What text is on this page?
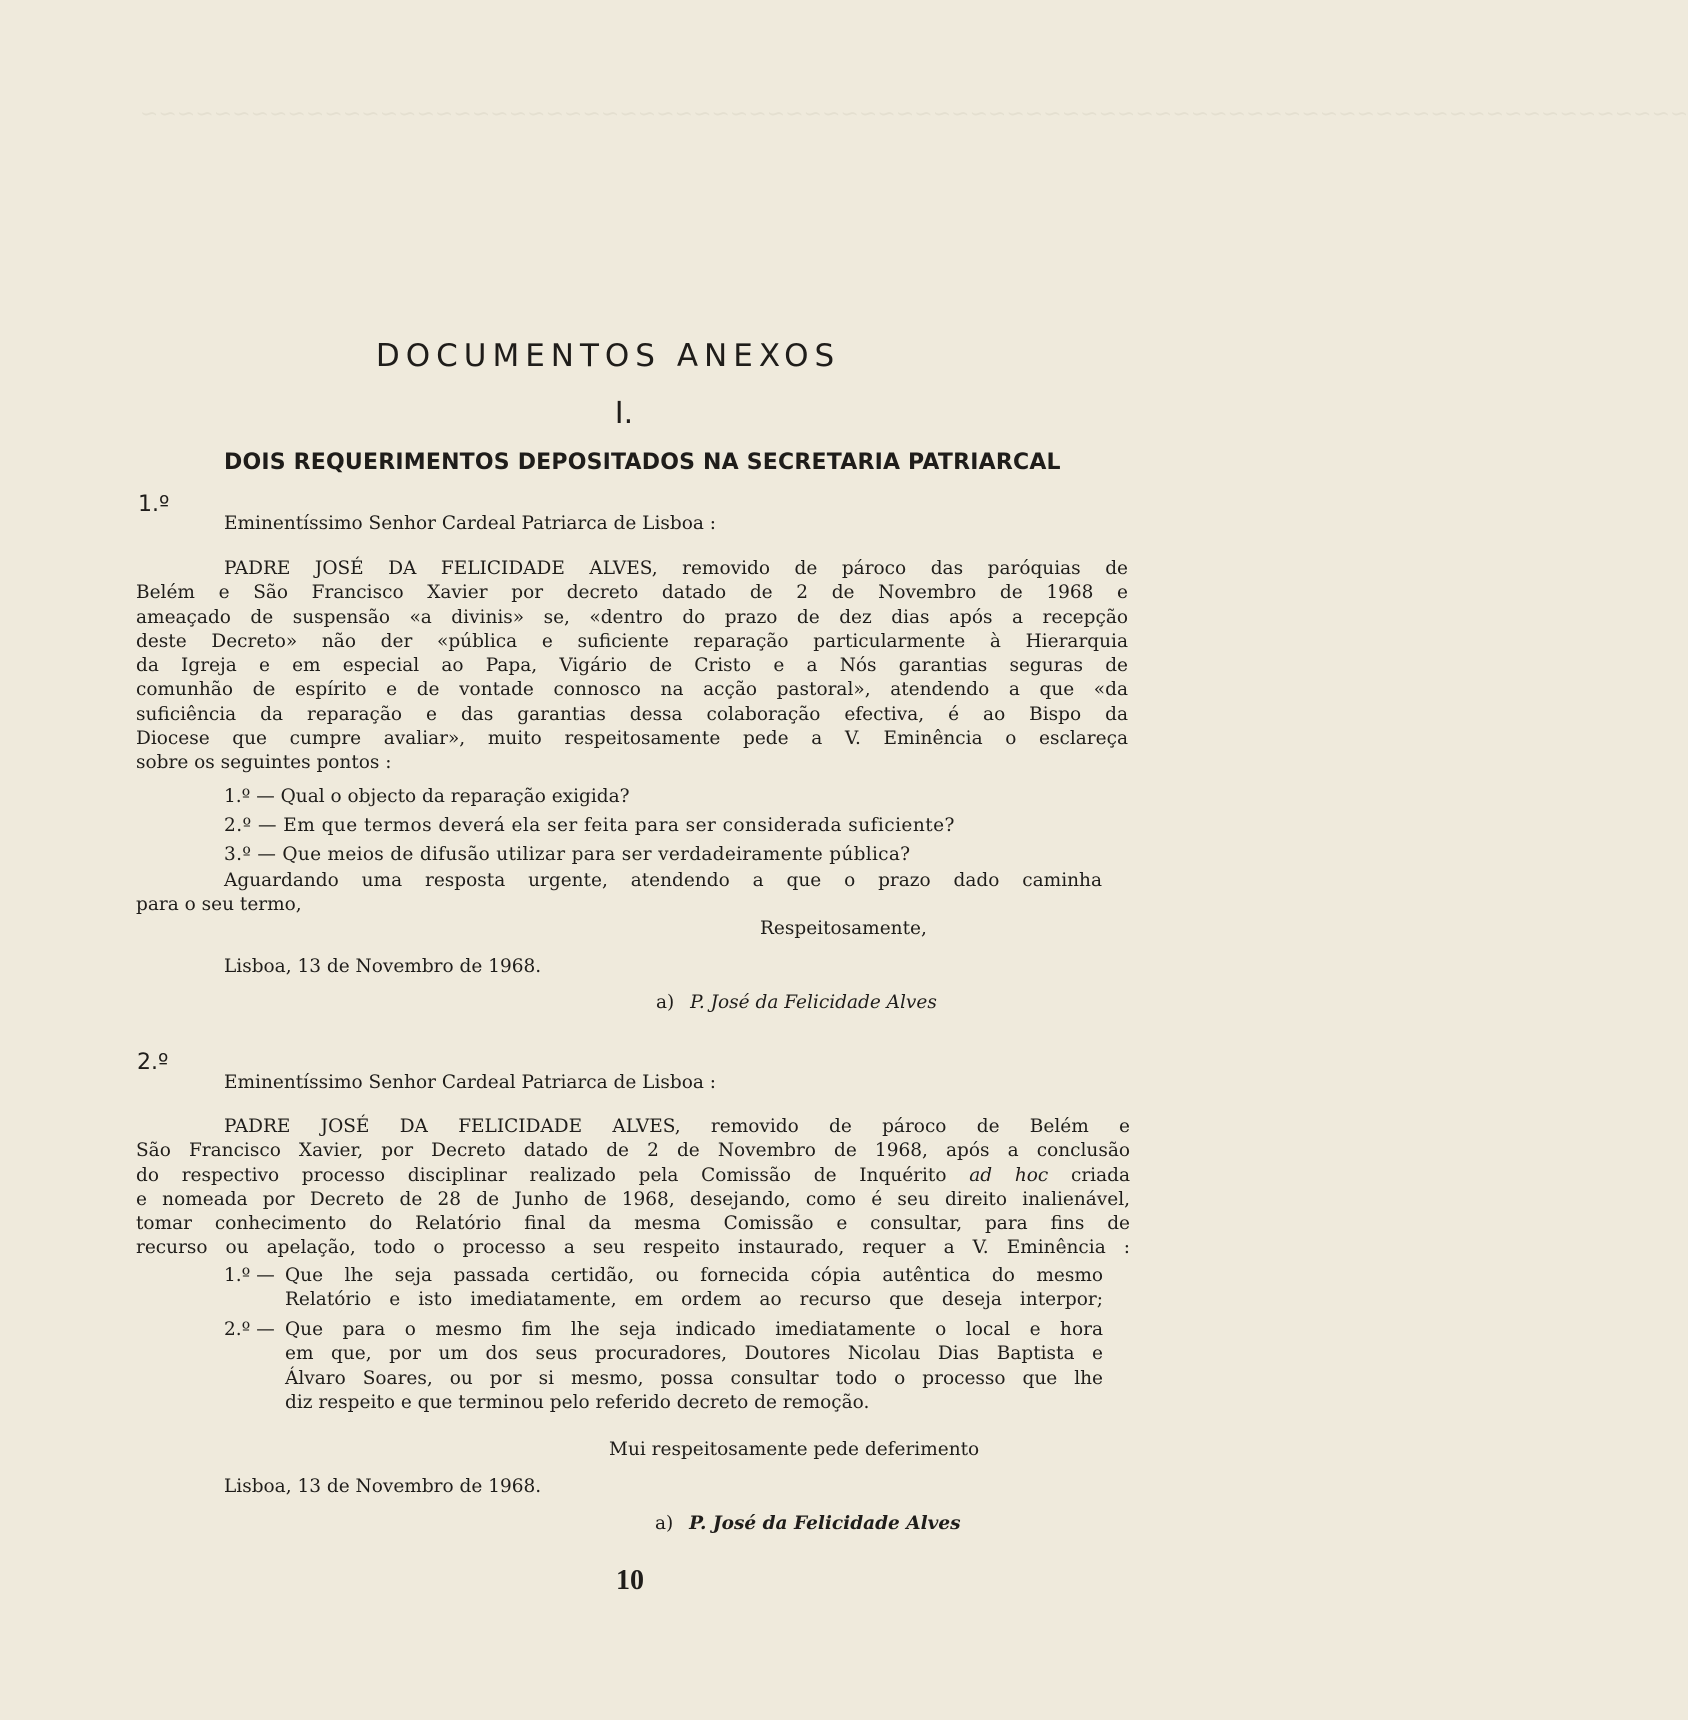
~~~~~~~~~~~~~~~~~~~~~~~~~~~~~~~~~~~~~~~~~~~~~~~~~~~~~~~~~~~~~~~~~~~~~~~~~~~~~~~~~~~~
DOCUMENTOS ANEXOS
I.
DOIS REQUERIMENTOS DEPOSITADOS NA SECRETARIA PATRIARCAL
1.º
Eminentíssimo Senhor Cardeal Patriarca de Lisboa :
PADRE JOSÉ DA FELICIDADE ALVES, removido de pároco das paróquias de
Belém e São Francisco Xavier por decreto datado de 2 de Novembro de 1968 e
ameaçado de suspensão «a divinis» se, «dentro do prazo de dez dias após a recepção
deste Decreto» não der «pública e suficiente reparação particularmente à Hierarquia
da Igreja e em especial ao Papa, Vigário de Cristo e a Nós garantias seguras de
comunhão de espírito e de vontade connosco na acção pastoral», atendendo a que «da
suficiência da reparação e das garantias dessa colaboração efectiva, é ao Bispo da
Diocese que cumpre avaliar», muito respeitosamente pede a V. Eminência o esclareça
sobre os seguintes pontos :
1.º — Qual o objecto da reparação exigida?
2.º — Em que termos deverá ela ser feita para ser considerada suficiente?
3.º — Que meios de difusão utilizar para ser verdadeiramente pública?
Aguardando uma resposta urgente, atendendo a que o prazo dado caminha
para o seu termo,
Respeitosamente,
Lisboa, 13 de Novembro de 1968.
a) P. José da Felicidade Alves
2.º
Eminentíssimo Senhor Cardeal Patriarca de Lisboa :
PADRE JOSÉ DA FELICIDADE ALVES, removido de pároco de Belém e
São Francisco Xavier, por Decreto datado de 2 de Novembro de 1968, após a conclusão
do respectivo processo disciplinar realizado pela Comissão de Inquérito ad hoc criada
e nomeada por Decreto de 28 de Junho de 1968, desejando, como é seu direito inalienável,
tomar conhecimento do Relatório final da mesma Comissão e consultar, para fins de
recurso ou apelação, todo o processo a seu respeito instaurado, requer a V. Eminência :
1.º — Que lhe seja passada certidão, ou fornecida cópia autêntica do mesmo
Relatório e isto imediatamente, em ordem ao recurso que deseja interpor;
2.º — Que para o mesmo fim lhe seja indicado imediatamente o local e hora
em que, por um dos seus procuradores, Doutores Nicolau Dias Baptista e
Álvaro Soares, ou por si mesmo, possa consultar todo o processo que lhe
diz respeito e que terminou pelo referido decreto de remoção.
Mui respeitosamente pede deferimento
Lisboa, 13 de Novembro de 1968.
a) P. José da Felicidade Alves
10
